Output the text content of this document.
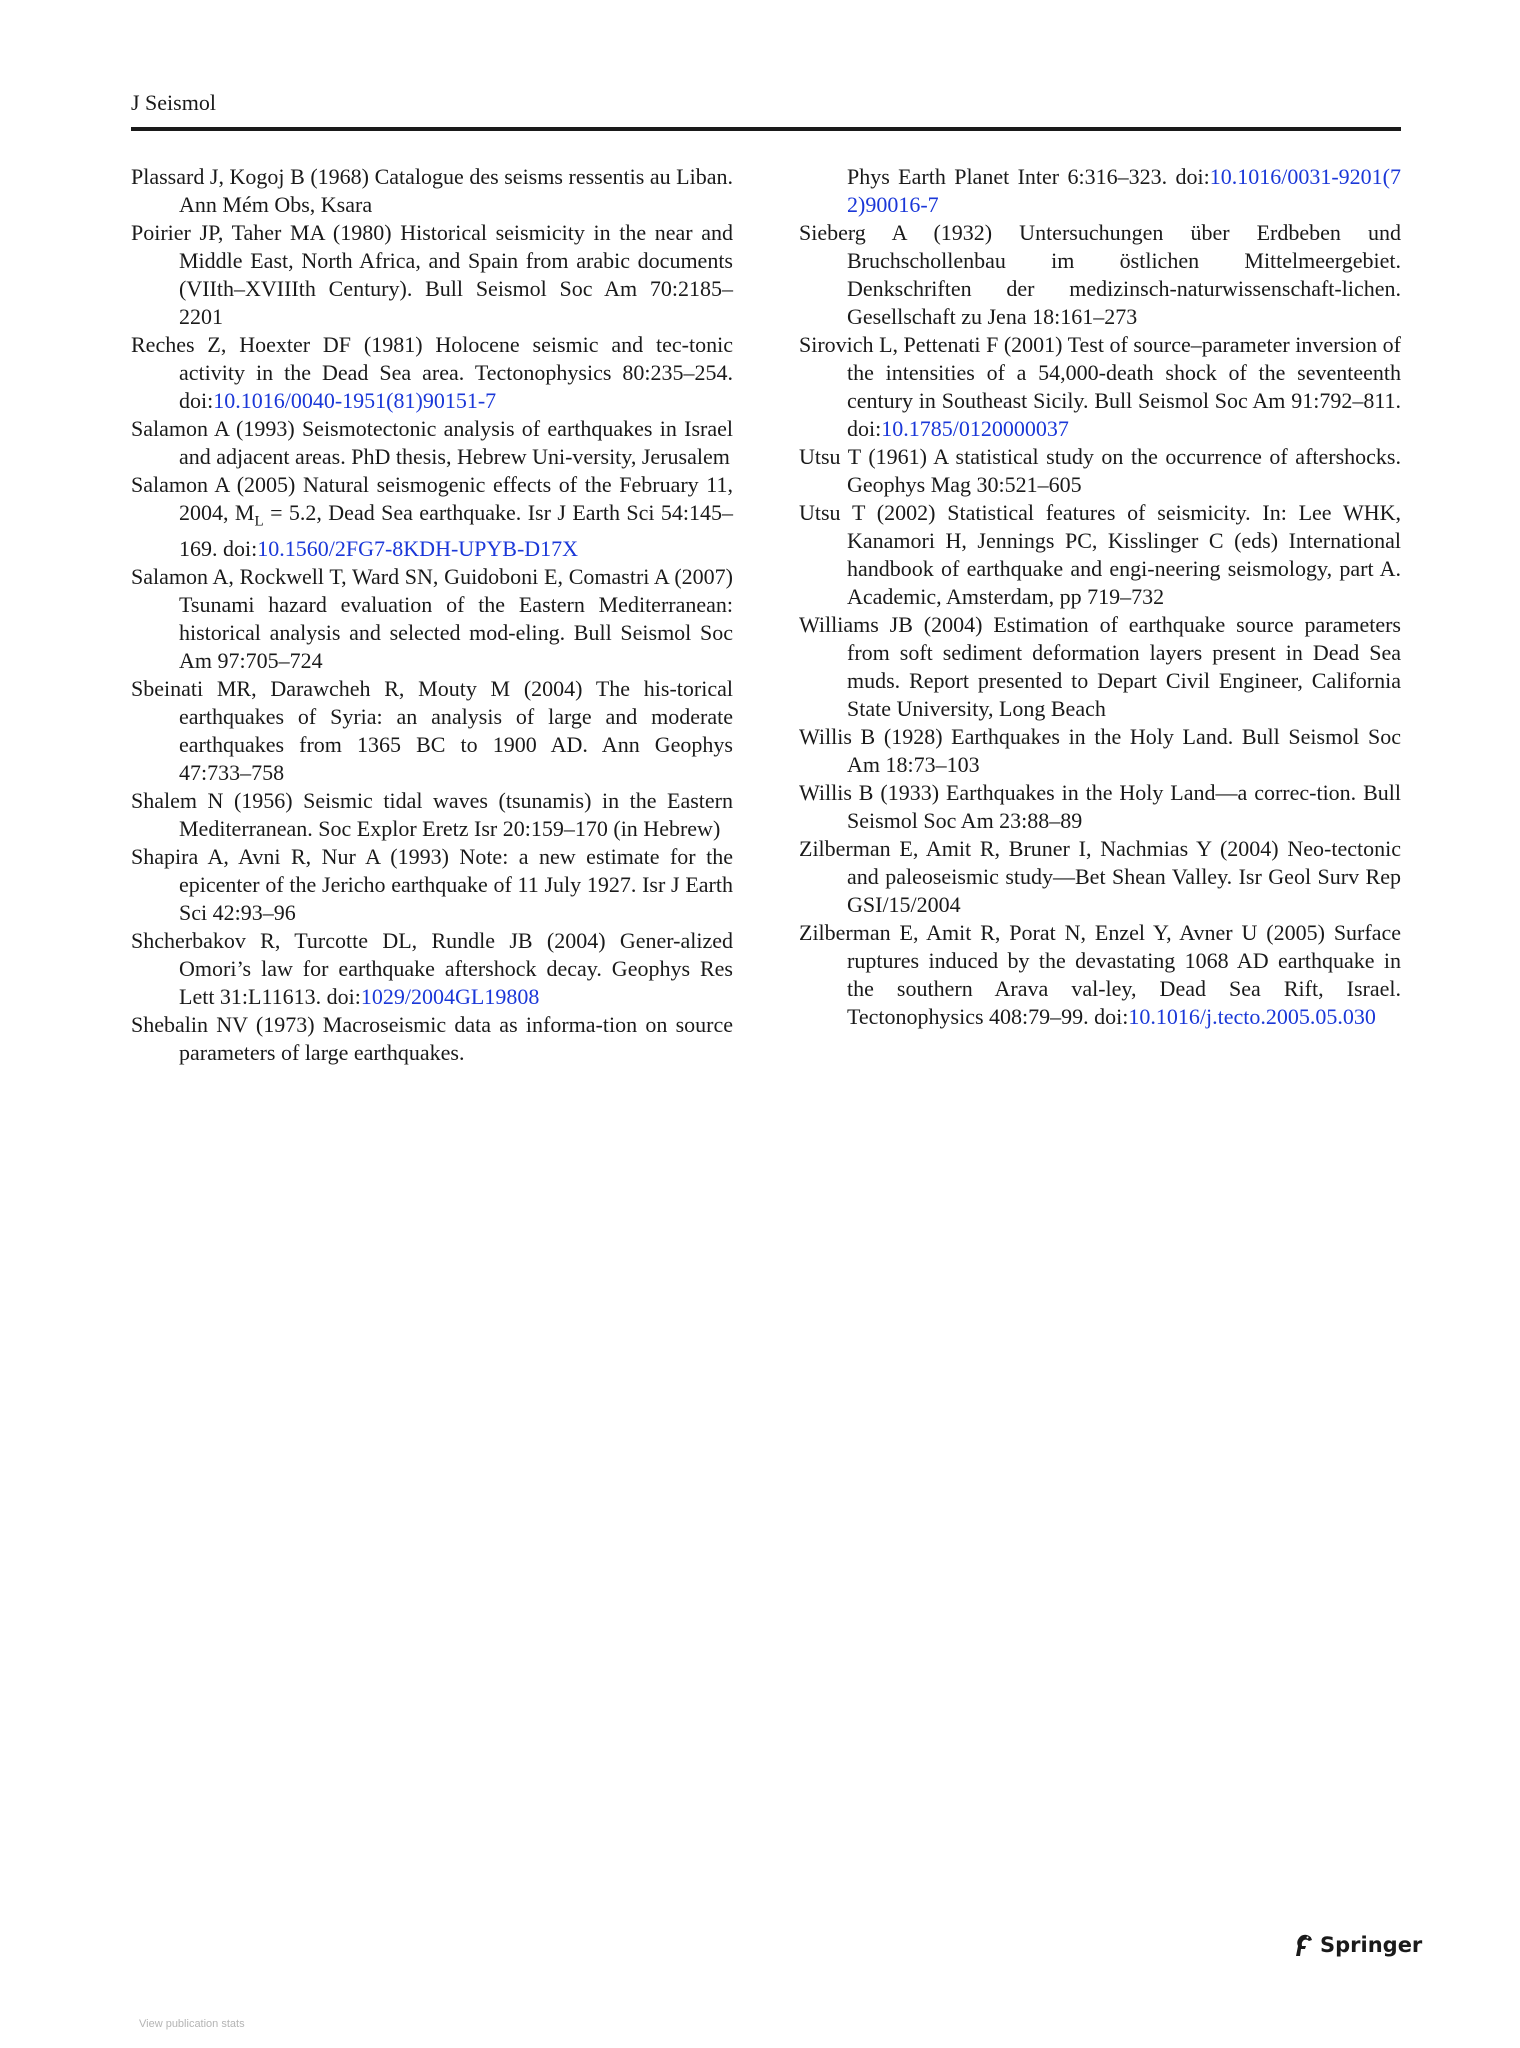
J Seismol

Plassard J, Kogoj B (1968) Catalogue des seisms ressentis au Liban. Ann Mém Obs, Ksara

Poirier JP, Taher MA (1980) Historical seismicity in the near and Middle East, North Africa, and Spain from arabic documents (VIIth–XVIIIth Century). Bull Seismol Soc Am 70:2185–2201

Reches Z, Hoexter DF (1981) Holocene seismic and tec-tonic activity in the Dead Sea area. Tectonophysics 80:235–254. doi:10.1016/0040-1951(81)90151-7

Salamon A (1993) Seismotectonic analysis of earthquakes in Israel and adjacent areas. PhD thesis, Hebrew Uni-versity, Jerusalem

Salamon A (2005) Natural seismogenic effects of the February 11, 2004, $M_L = 5.2$, Dead Sea earthquake. Isr J Earth Sci 54:145–169. doi:10.1560/2FG7-8KDH-UPYB-D17X

Salamon A, Rockwell T, Ward SN, Guidoboni E, Comastri A (2007) Tsunami hazard evaluation of the Eastern Mediterranean: historical analysis and selected mod-eling. Bull Seismol Soc Am 97:705–724

Sbeinati MR, Darawcheh R, Mouty M (2004) The his-torical earthquakes of Syria: an analysis of large and moderate earthquakes from 1365 BC to 1900 AD. Ann Geophys 47:733–758

Shalem N (1956) Seismic tidal waves (tsunamis) in the Eastern Mediterranean. Soc Explor Eretz Isr 20:159–170 (in Hebrew)

Shapira A, Avni R, Nur A (1993) Note: a new estimate for the epicenter of the Jericho earthquake of 11 July 1927. Isr J Earth Sci 42:93–96

Shcherbakov R, Turcotte DL, Rundle JB (2004) Gener-alized Omori’s law for earthquake aftershock decay. Geophys Res Lett 31:L11613. doi:1029/2004GL19808

Shebalin NV (1973) Macroseismic data as informa-tion on source parameters of large earthquakes.

Phys Earth Planet Inter 6:316–323. doi:10.1016/0031-9201(72)90016-7

Sieberg A (1932) Untersuchungen über Erdbeben und Bruchschollenbau im östlichen Mittelmeergebiet. Denkschriften der medizinsch-naturwissenschaft-lichen. Gesellschaft zu Jena 18:161–273

Sirovich L, Pettenati F (2001) Test of source–parameter inversion of the intensities of a 54,000-death shock of the seventeenth century in Southeast Sicily. Bull Seismol Soc Am 91:792–811. doi:10.1785/0120000037

Utsu T (1961) A statistical study on the occurrence of aftershocks. Geophys Mag 30:521–605

Utsu T (2002) Statistical features of seismicity. In: Lee WHK, Kanamori H, Jennings PC, Kisslinger C (eds) International handbook of earthquake and engi-neering seismology, part A. Academic, Amsterdam, pp 719–732

Williams JB (2004) Estimation of earthquake source parameters from soft sediment deformation layers present in Dead Sea muds. Report presented to Depart Civil Engineer, California State University, Long Beach

Willis B (1928) Earthquakes in the Holy Land. Bull Seismol Soc Am 18:73–103

Willis B (1933) Earthquakes in the Holy Land—a correc-tion. Bull Seismol Soc Am 23:88–89

Zilberman E, Amit R, Bruner I, Nachmias Y (2004) Neo-tectonic and paleoseismic study—Bet Shean Valley. Isr Geol Surv Rep GSI/15/2004

Zilberman E, Amit R, Porat N, Enzel Y, Avner U (2005) Surface ruptures induced by the devastating 1068 AD earthquake in the southern Arava val-ley, Dead Sea Rift, Israel. Tectonophysics 408:79–99. doi:10.1016/j.tecto.2005.05.030

Springer
View publication stats
